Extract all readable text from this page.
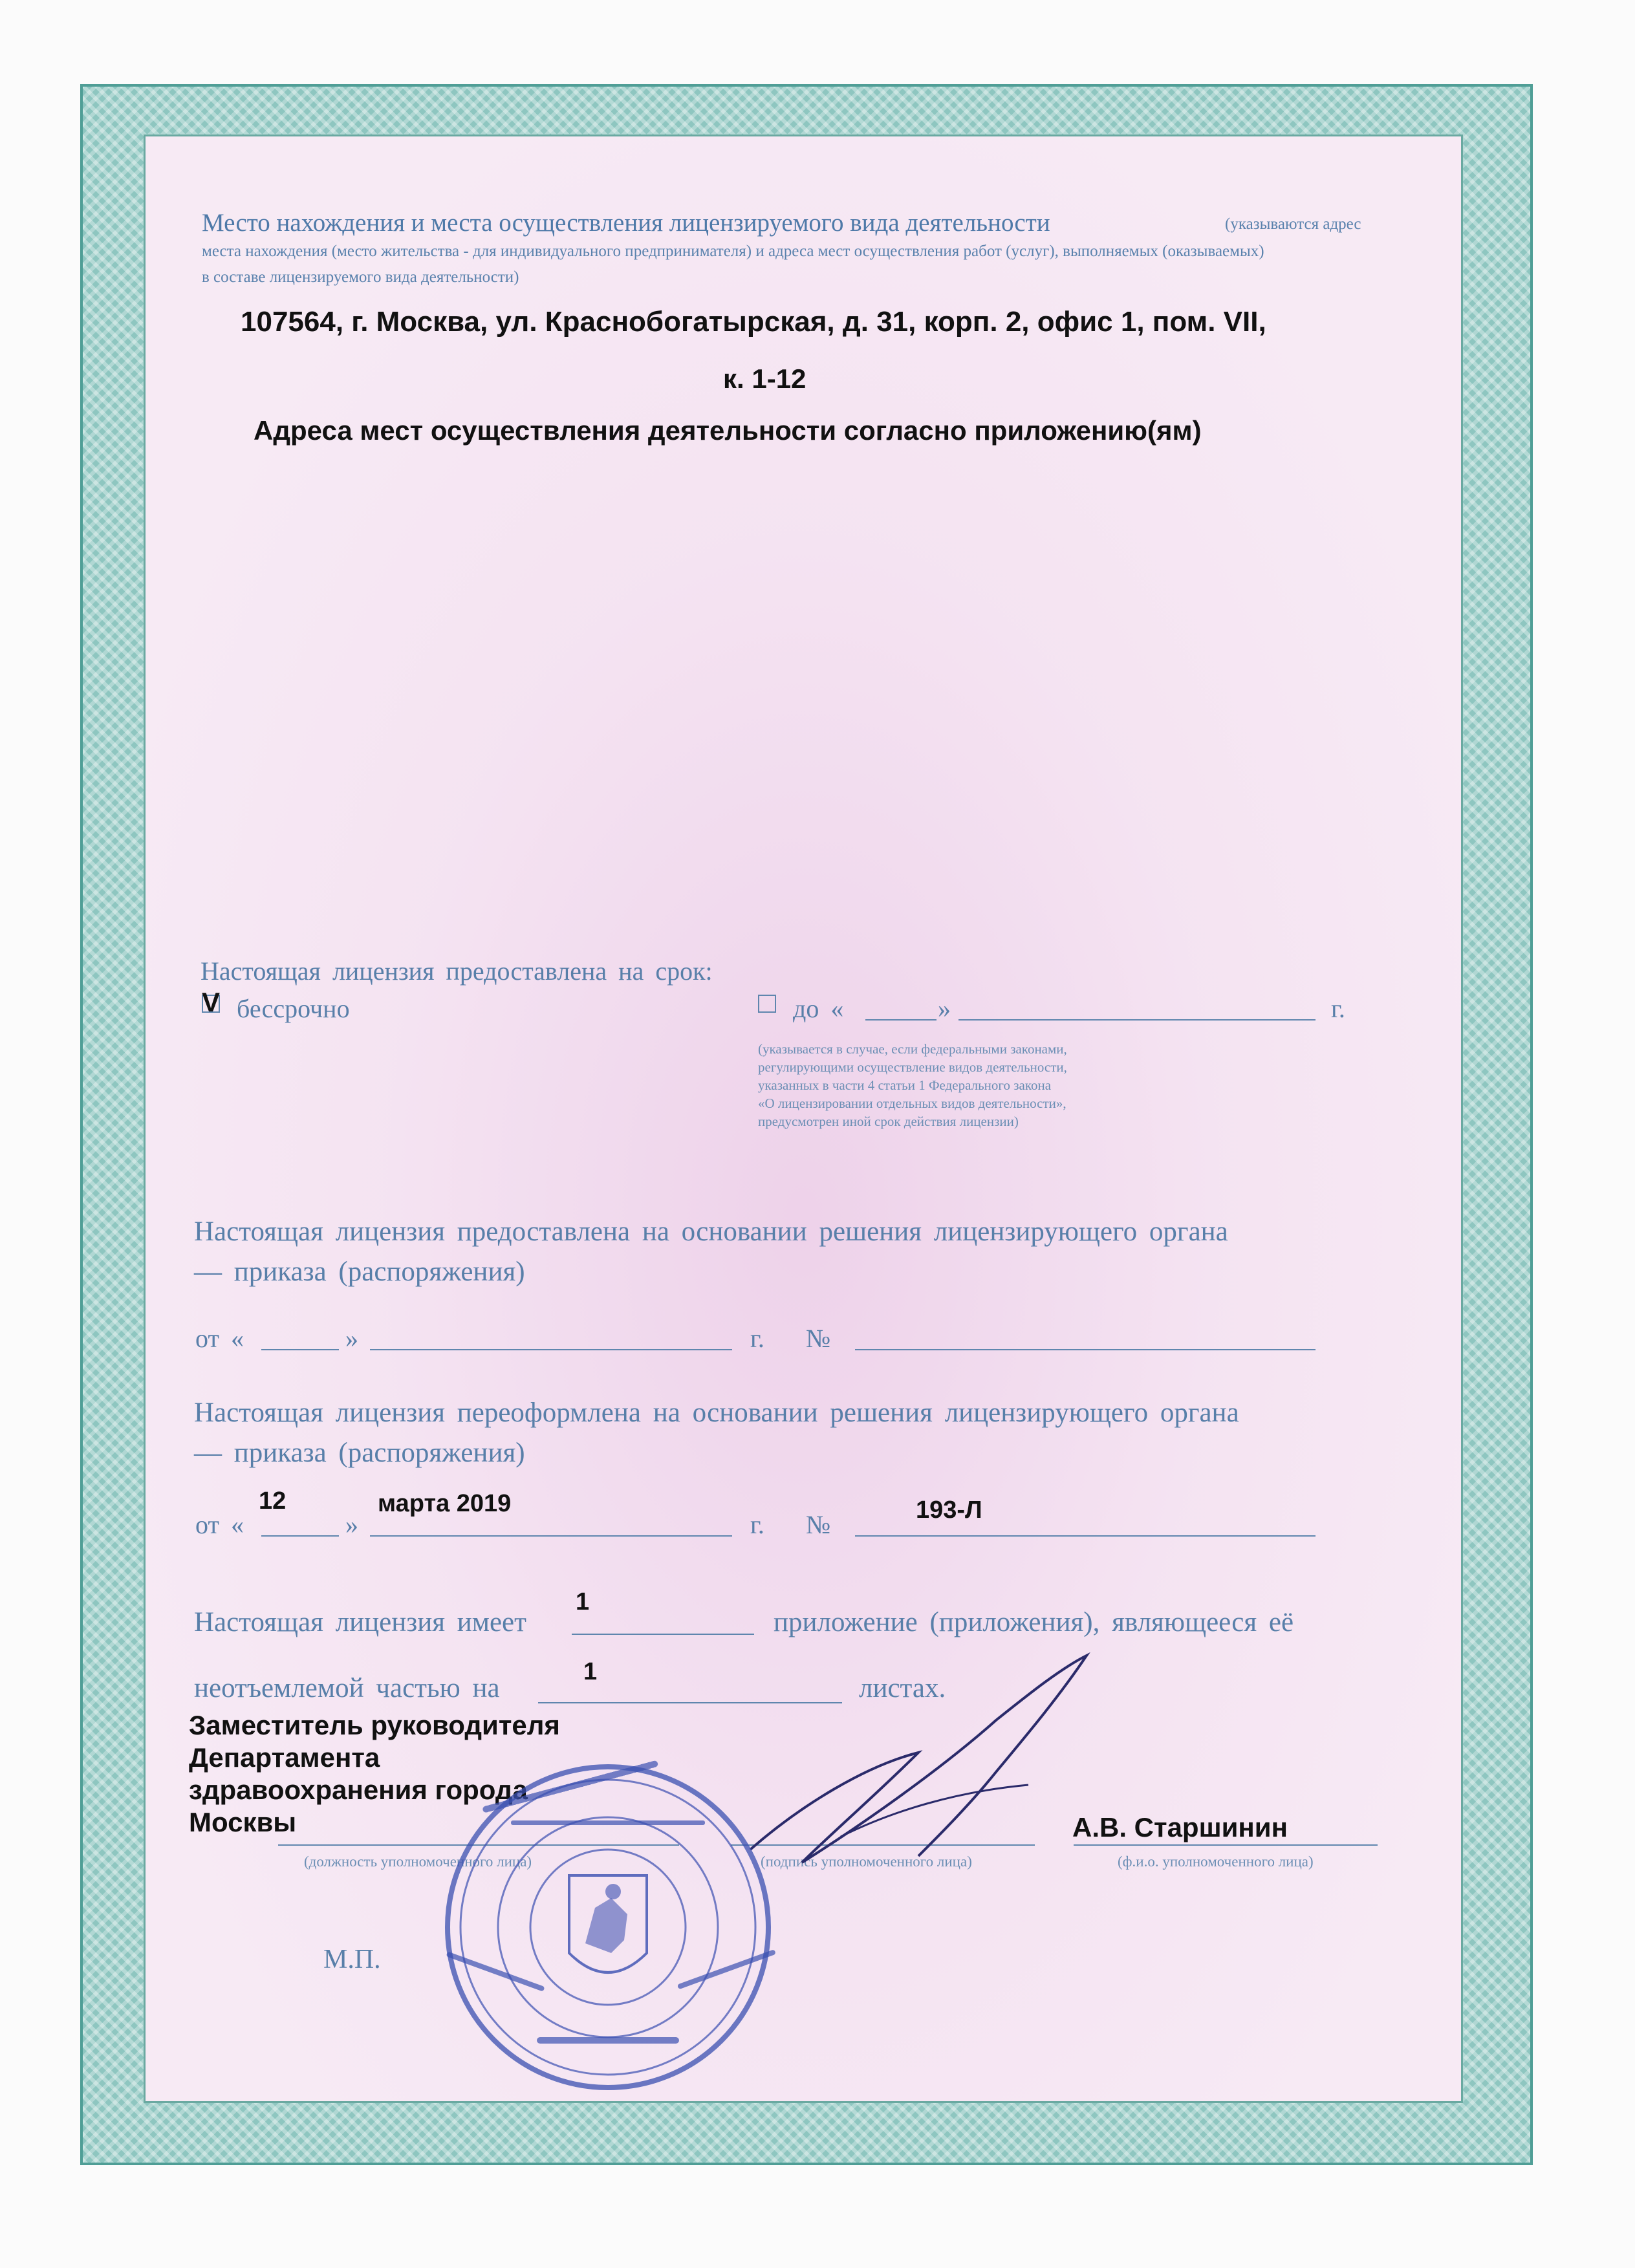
Место нахождения и места осуществления лицензируемого вида деятельности	(указываются адрес
места нахождения (место жительства - для индивидуального предпринимателя) и адреса мест осуществления работ (услуг), выполняемых (оказываемых)
в составе лицензируемого вида деятельности)
107564, г. Москва, ул. Краснобогатырская, д. 31, корп. 2, офис 1, пом. VII,
к. 1-12
Адреса мест осуществления деятельности согласно приложению(ям)
Настоящая лицензия предоставлена на срок:
V бессрочно	до «	»	г.
(указывается в случае, если федеральными законами,
регулирующими осуществление видов деятельности,
указанных в части 4 статьи 1 Федерального закона
«О лицензировании отдельных видов деятельности»,
предусмотрен иной срок действия лицензии)
Настоящая лицензия предоставлена на основании решения лицензирующего органа
— приказа (распоряжения)
от «	»	г. №
Настоящая лицензия переоформлена на основании решения лицензирующего органа
— приказа (распоряжения)
от «
12
»
марта 2019
г. №	193-Л
Настоящая лицензия имеет
1
приложение (приложения), являющееся её
неотъемлемой частью на
1
листах.
Заместитель руководителя
Департамента
здравоохранения города
Москвы	А.В. Старшинин
(должность уполномоченного лица)	(подпись уполномоченного лица)	(ф.и.о. уполномоченного лица)
М.П.
